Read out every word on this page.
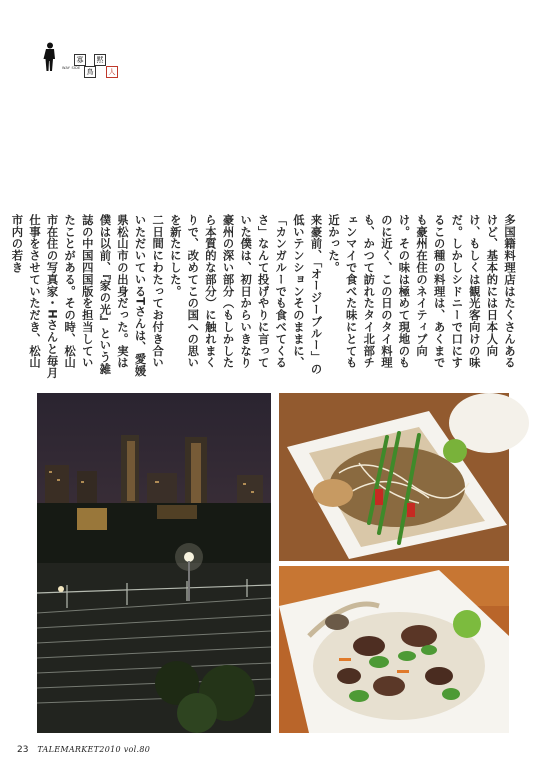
WAY SIDE
寡	黙
鳥	人

多国籍料理店はたくさんあるけど、基本的には日本人向け、もしくは観光客向けの味だ。しかしシドニーで口にするこの種の料理は、あくまでも豪州在住のネイティブ向け。その味は極めて現地のものに近く、この日のタイ料理も、かつて訪れたタイ北部チェンマイで食べた味にとても近かった。

来豪前、「オージーブルー」の低いテンションそのままに、「カンガルーでも食べてくるさ」なんて投げやりに言っていた僕は、初日からいきなり豪州の深い部分（もしかしたら本質的な部分）に触れまくりで、改めてこの国への思いを新たにした。

二日間にわたってお付き合いいただいているTさんは、愛媛県松山市の出身だった。実は僕は以前、『家の光』という雑誌の中国四国版を担当していたことがある。その時、松山市在住の写真家・Hさんと毎月仕事をさせていただき、松山市内の若き

23 TALEMARKET2010 vol.80
